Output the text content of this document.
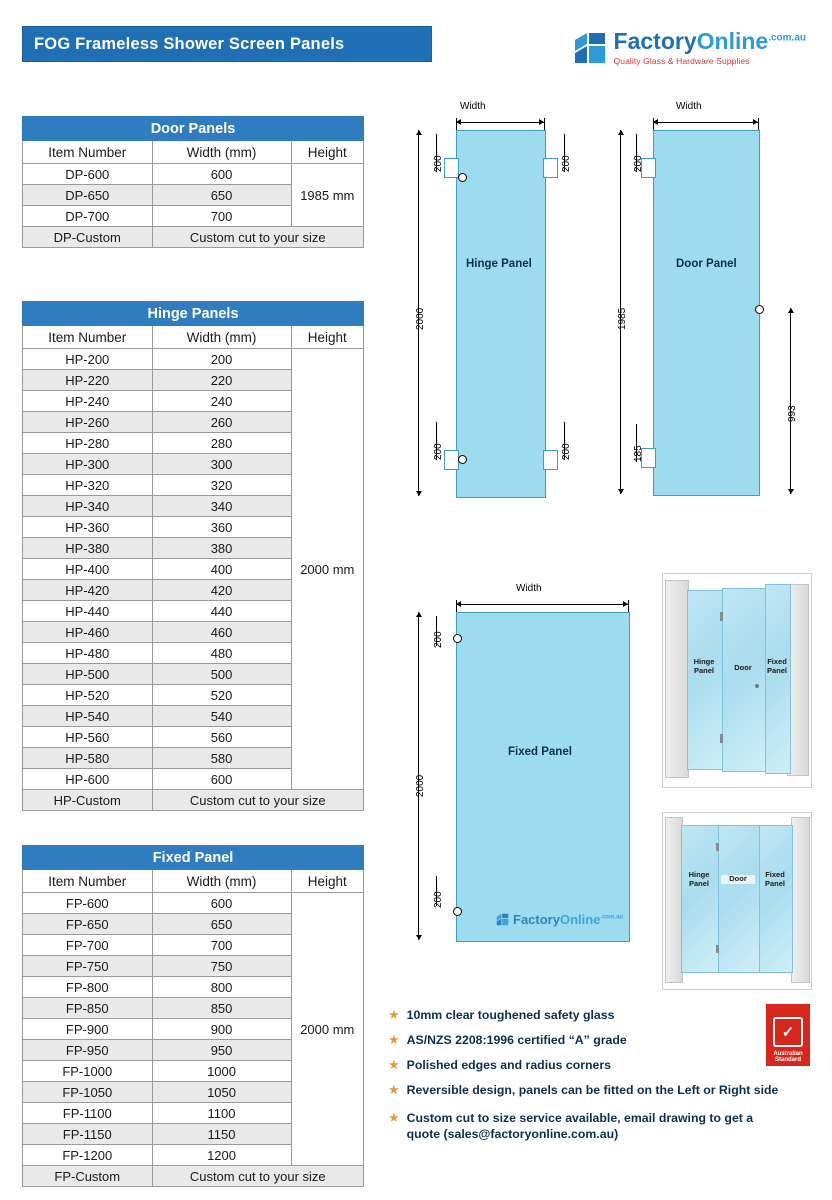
FOG Frameless Shower Screen Panels	FactoryOnline$^{.com.au}$
Quality Glass & Hardware Supplies
Door Panels		
Item Number	Width (mm)	Height
DP-600	600	1985 mm
DP-650	650	
DP-700	700	
DP-Custom	Custom cut to your size	
Hinge Panels		
Item Number	Width (mm)	Height
HP-200	200	2000 mm
HP-220	220	
HP-240	240	
HP-260	260	
HP-280	280	
HP-300	300	
HP-320	320	
HP-340	340	
HP-360	360	
HP-380	380	
HP-400	400	
HP-420	420	
HP-440	440	
HP-460	460	
HP-480	480	
HP-500	500	
HP-520	520	
HP-540	540	
HP-560	560	
HP-580	580	
HP-600	600	
HP-Custom	Custom cut to your size	
Fixed Panel		
Item Number	Width (mm)	Height
FP-600	600	2000 mm
FP-650	650	
FP-700	700	
FP-750	750	
FP-800	800	
FP-850	850	
FP-900	900	
FP-950	950	
FP-1000	1000	
FP-1050	1050	
FP-1100	1100	
FP-1150	1150	
FP-1200	1200	
FP-Custom	Custom cut to your size	
Width
Hinge Panel
2000
200
200
200
200
Width
Door Panel
1985
200
185
993
Width
Fixed Panel
2000
200
200
FactoryOnline$^{.com.au}$
Hinge Panel	Door
Fixed Panel
Hinge Panel
Door	Fixed Panel
★ 10mm clear toughened safety glass
★ AS/NZS 2208:1996 certified “A” grade
★ Polished edges and radius corners
★ Reversible design, panels can be fitted on the Left or Right side
★ Custom cut to size service available, email drawing to get a quote (sales@factoryonline.com.au)
✓
Australian
Standard
